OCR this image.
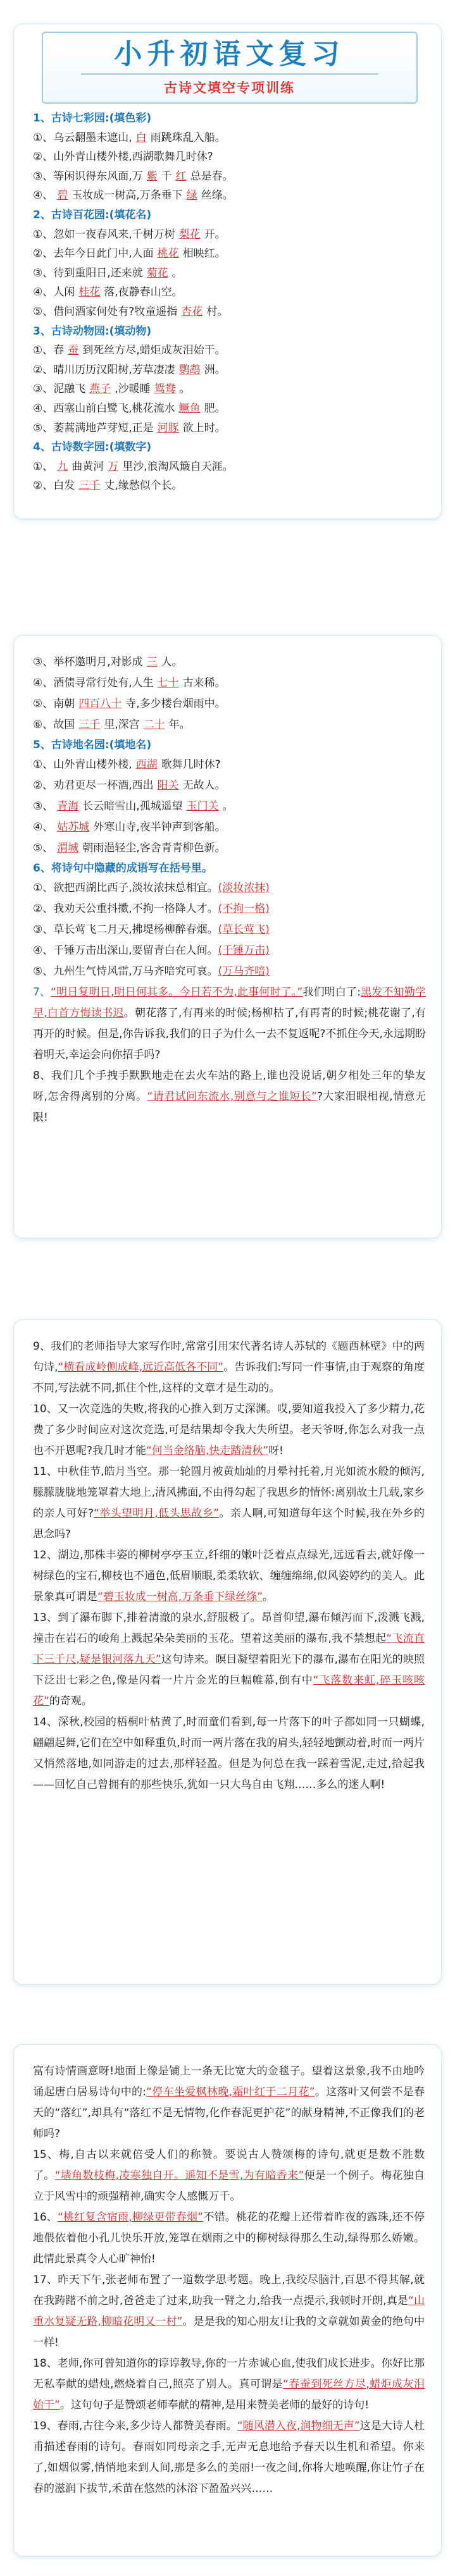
小升初语文复习
古诗文填空专项训练
1、古诗七彩园:(填色彩)
①、乌云翻墨未遮山, 白 雨跳珠乱入船。
②、山外青山楼外楼,西湖歌舞几时休?
③、等闲识得东风面,万 紫 千 红 总是春。
④、 碧 玉妆成一树高,万条垂下 绿 丝绦。
2、古诗百花园:(填花名)
①、忽如一夜春风来,千树万树 梨花 开。
②、去年今日此门中,人面 桃花 相映红。
③、待到重阳日,还来就 菊花 。
④、人闲 桂花 落,夜静春山空。
⑤、借问酒家何处有?牧童遥指 杏花 村。
3、古诗动物园:(填动物)
①、春 蚕 到死丝方尽,蜡炬成灰泪始干。
②、晴川历历汉阳树,芳草凄凄 鹦鹉 洲。
③、泥融飞 燕子 ,沙暖睡 鸳鸯 。
④、西塞山前白鹭飞,桃花流水 鳜鱼 肥。
⑤、萎蒿满地芦芽短,正是 河豚 欲上时。
4、古诗数字园:(填数字)
①、 九 曲黄河 万 里沙,浪淘风簸自天涯。
②、白发 三千 丈,缘愁似个长。
③、举杯邀明月,对影成 三 人。
④、酒债寻常行处有,人生 七十 古来稀。
⑤、南朝 四百八十 寺,多少楼台烟雨中。
⑥、故国 三千 里,深宫 二十 年。
5、古诗地名园:(填地名)
①、山外青山楼外楼, 西湖 歌舞几时休?
②、劝君更尽一杯酒,西出 阳关 无故人。
③、 青海 长云暗雪山,孤城遥望 玉门关 。
④、 姑苏城 外寒山寺,夜半钟声到客船。
⑤、 渭城 朝雨浥轻尘,客舍青青柳色新。
6、将诗句中隐藏的成语写在括号里。
①、欲把西湖比西子,淡妆浓抹总相宜。(淡妆浓抹)
②、我劝天公重抖擞,不拘一格降人才。(不拘一格)
③、草长莺飞二月天,拂堤杨柳醉春烟。(草长莺飞)
④、千锤万击出深山,要留青白在人间。(千锤万击)
⑤、九州生气恃风雷,万马齐喑究可哀。(万马齐喑)
7、“明日复明日,明日何其多。今日若不为,此事何时了。”我们明白了:黑发不知勤学早,白首方悔读书迟。朝花落了,有再来的时候;杨柳枯了,有再青的时候;桃花谢了,有再开的时候。但是,你告诉我,我们的日子为什么一去不复返呢?不抓住今天,永远期盼着明天,幸运会向你招手吗?
8、我们几个手拽手默默地走在去火车站的路上,谁也没说话,朝夕相处三年的挚友呀,怎舍得离别的分离。“请君试问东流水,别意与之谁短长”?大家泪眼相视,情意无限!
9、我们的老师指导大家写作时,常常引用宋代著名诗人苏轼的《题西林壁》中的两句诗,“横看成岭侧成峰,远近高低各不同”。告诉我们:写同一件事情,由于观察的角度不同,写法就不同,抓住个性,这样的文章才是生动的。
10、又一次竞选的失败,将我的心推入到万丈深渊。哎,要知道我投入了多少精力,花费了多少时间应对这次竞选,可是结果却令我大失所望。老天爷呀,你怎么对我一点也不开恩呢?我几时才能“何当金络脑,快走踏清秋”呀!
11、中秋佳节,皓月当空。那一轮圆月被黄灿灿的月晕衬托着,月光如流水般的倾泻,朦朦胧胧地笼罩着大地上,清风拂面,不由得勾起了我思乡的情怀:离别故土几载,家乡的亲人可好?“举头望明月,低头思故乡”。亲人啊,可知道每年这个时候,我在外乡的思念吗?
12、湖边,那株丰姿的柳树亭亭玉立,纤细的嫩叶泛着点点绿光,远远看去,就好像一树绿色的宝石,柳枝也不通色,低眉顺眼,柔柔软软、缠缠绵绵,似风姿婷约的美人。此景象真可谓是“碧玉妆成一树高,万条垂下绿丝绦”。
13、到了瀑布脚下,排着清澈的泉水,舒服极了。昂首仰望,瀑布倾泻而下,泼溅飞溅,撞击在岩石的峻角上溅起朵朵美丽的玉花。望着这美丽的瀑布,我不禁想起“飞流直下三千尺,疑是银河落九天”这句诗来。瞑目凝望着阳光下的瀑布,瀑布在阳光的映照下泛出七彩之色,像是闪着一片片金光的巨幅帷幕,倒有中“飞落数来虹,碎玉咳咳花”的奇观。
14、深秋,校园的梧桐叶枯黄了,时而童们看到,每一片落下的叶子都如同一只蝴蝶,翩翩起舞,它们在空中如释重负,时而一两片落在我的肩头,轻轻地颤动着,时而一两片又悄然落地,如同游走的过去,那样轻盈。但是为何总在我一踩着雪泥,走过,拾起我——回忆自己曾拥有的那些快乐,犹如一只大鸟自由飞翔……多么的迷人啊!
富有诗情画意呀!地面上像是铺上一条无比宽大的金毯子。望着这景象,我不由地吟诵起唐白居易诗句中的:“停车坐爱枫林晚,霜叶红于二月花”。这落叶又何尝不是春天的“落红”,却具有“落红不是无情物,化作春泥更护花”的献身精神,不正像我们的老师吗?
15、梅,自古以来就倍受人们的称赞。要说古人赞颂梅的诗句,就更是数不胜数了。“墙角数枝梅,凌寒独自开。遥知不是雪,为有暗香来”便是一个例子。梅花独自立于风雪中的顽强精神,确实令人感慨万千。
16、“桃红复含宿雨,柳绿更带春烟”不错。桃花的花瓣上还带着昨夜的露珠,还不停地偎依着他小孔儿快乐开放,笼罩在烟雨之中的柳树绿得那么生动,绿得那么娇嫩。此情此景真令人心旷神怡!
17、昨天下午,张老师布置了一道数学思考题。晚上,我绞尽脑汁,百思不得其解,就在我踌躇不前之时,爸爸走了过来,助我一臂之力,给我一点提示,我顿时开朗,真是“山重水复疑无路,柳暗花明又一村”。是是我的知心朋友!让我的文章就如黄金的绝句中一样!
18、老师,你可曾知道你的谆谆教导,你的一片赤诚心血,使我们成长进步。你好比那无私奉献的蜡烛,燃烧着自己,照亮了别人。真可谓是“春蚕到死丝方尽,蜡炬成灰泪始干”。这句句子是赞颂老师奉献的精神,是用来赞美老师的最好的诗句!
19、春雨,古往今来,多少诗人都赞美春雨。“随风潜入夜,润物细无声”这是大诗人杜甫描述春雨的诗句。春雨如同母亲之手,无声无息地给予春天以生机和希望。你来了,如烟似雾,悄悄地来到人间,那是多么的美丽!一夜之间,你将大地唤醒,你让竹子在春的滋润下拔节,禾苗在悠然的沐浴下盈盈兴兴……
